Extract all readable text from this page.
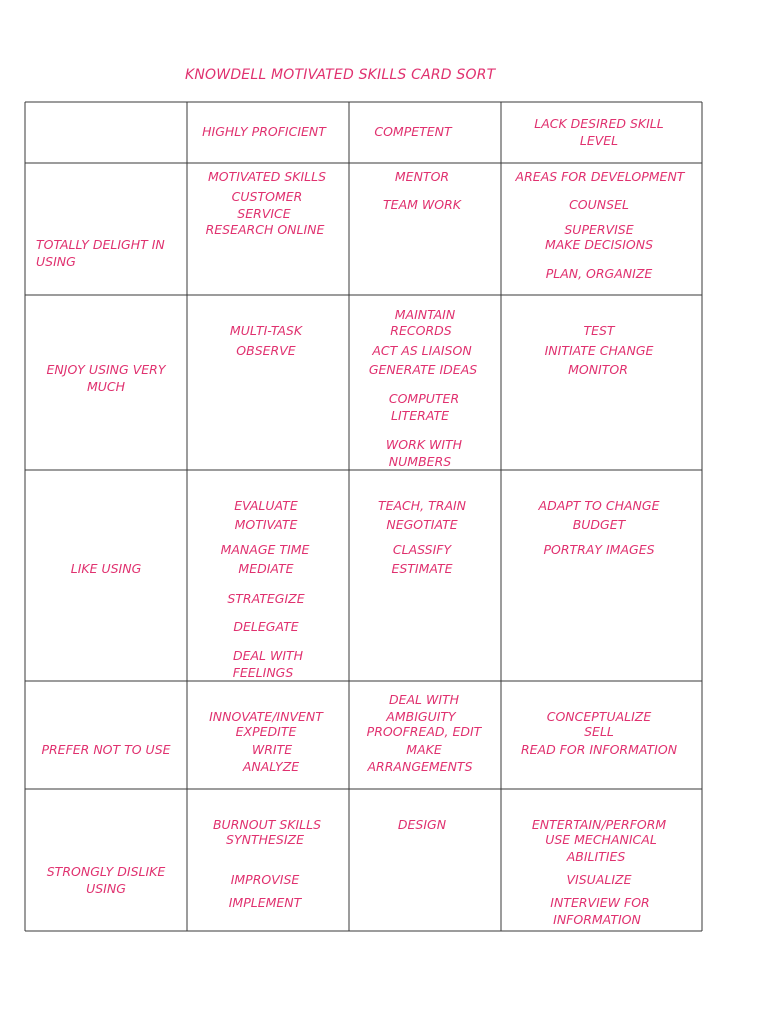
KNOWDELL MOTIVATED SKILLS CARD SORT
HIGHLY PROFICIENT	COMPETENT
LACK DESIRED SKILL
LEVEL
TOTALLY DELIGHT IN
USING
MOTIVATED SKILLS
CUSTOMER
SERVICE
RESEARCH ONLINE
MENTOR
TEAM WORK
AREAS FOR DEVELOPMENT
COUNSEL
SUPERVISE
MAKE DECISIONS
PLAN, ORGANIZE
ENJOY USING VERY
MUCH
MULTI-TASK
OBSERVE
MAINTAIN
RECORDS
ACT AS LIAISON
GENERATE IDEAS
COMPUTER
LITERATE
WORK WITH
NUMBERS
TEST
INITIATE CHANGE
MONITOR
LIKE USING
EVALUATE
MOTIVATE
MANAGE TIME
MEDIATE
STRATEGIZE
DELEGATE
DEAL WITH
FEELINGS
TEACH, TRAIN
NEGOTIATE
CLASSIFY
ESTIMATE
ADAPT TO CHANGE
BUDGET
PORTRAY IMAGES
PREFER NOT TO USE
INNOVATE/INVENT
EXPEDITE
WRITE
ANALYZE
DEAL WITH
AMBIGUITY
PROOFREAD, EDIT
MAKE
ARRANGEMENTS
CONCEPTUALIZE
SELL
READ FOR INFORMATION
STRONGLY DISLIKE
USING
BURNOUT SKILLS
SYNTHESIZE
IMPROVISE
IMPLEMENT
DESIGN	ENTERTAIN/PERFORM
USE MECHANICAL
ABILITIES
VISUALIZE
INTERVIEW FOR
INFORMATION
